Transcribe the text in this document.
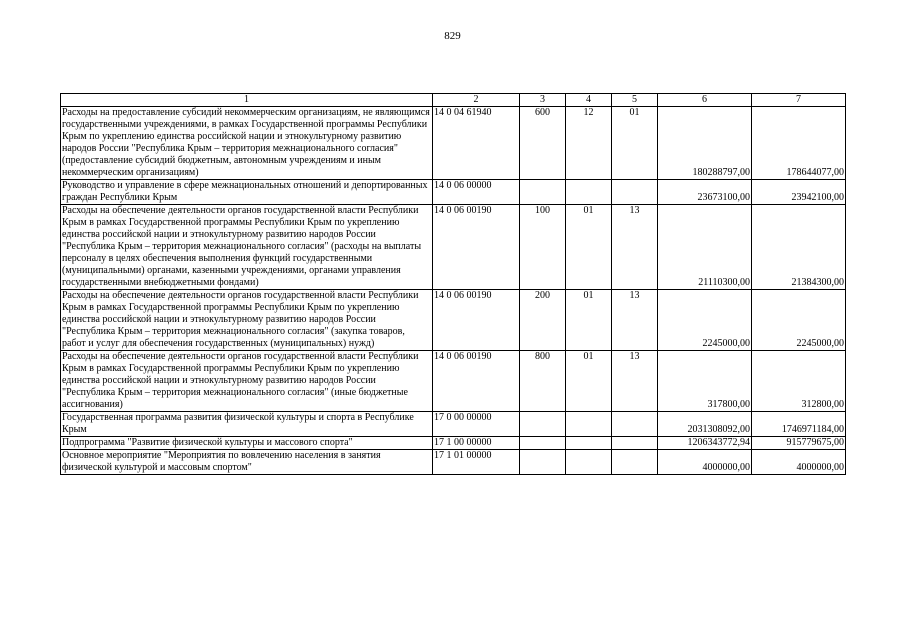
829
1	2	3	4	5	6	7
Расходы на предоставление субсидий некоммерческим организациям, не являющимся государственными учреждениями, в рамках Государственной программы Республики Крым по укреплению единства российской нации и этнокультурному развитию народов России "Республика Крым – территория межнационального согласия" (предоставление субсидий бюджетным, автономным учреждениям и иным некоммерческим организациям)	14 0 04 61940	600	12	01	180288797,00	178644077,00
Руководство и управление в сфере межнациональных отношений и депортированных граждан Республики Крым	14 0 06 00000				23673100,00	23942100,00
Расходы на обеспечение деятельности органов государственной власти Республики Крым в рамках Государственной программы Республики Крым по укреплению единства российской нации и этнокультурному развитию народов России "Республика Крым – территория межнационального согласия" (расходы на выплаты персоналу в целях обеспечения выполнения функций государственными (муниципальными) органами, казенными учреждениями, органами управления государственными внебюджетными фондами)	14 0 06 00190	100	01	13	21110300,00	21384300,00
Расходы на обеспечение деятельности органов государственной власти Республики Крым в рамках Государственной программы Республики Крым по укреплению единства российской нации и этнокультурному развитию народов России "Республика Крым – территория межнационального согласия" (закупка товаров, работ и услуг для обеспечения государственных (муниципальных) нужд)	14 0 06 00190	200	01	13	2245000,00	2245000,00
Расходы на обеспечение деятельности органов государственной власти Республики Крым в рамках Государственной программы Республики Крым по укреплению единства российской нации и этнокультурному развитию народов России "Республика Крым – территория межнационального согласия" (иные бюджетные ассигнования)	14 0 06 00190	800	01	13	317800,00	312800,00
Государственная программа развития физической культуры и спорта в Республике Крым	17 0 00 00000				2031308092,00	1746971184,00
Подпрограмма "Развитие физической культуры и массового спорта"	17 1 00 00000				1206343772,94	915779675,00
Основное мероприятие "Мероприятия по вовлечению населения в занятия физической культурой и массовым спортом"	17 1 01 00000				4000000,00	4000000,00
